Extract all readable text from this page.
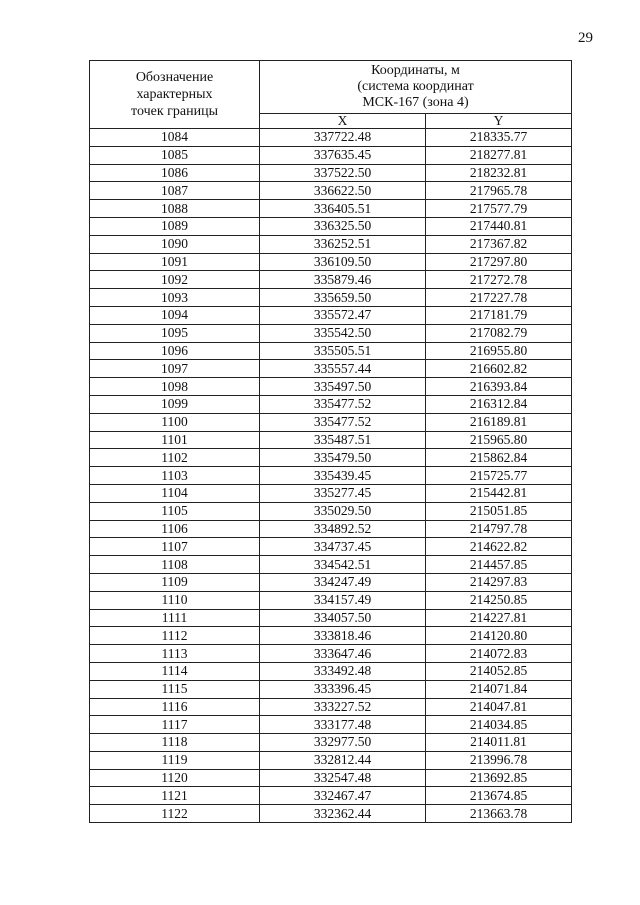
29
Обозначение
характерных
точек границы	Координаты, м
(система координат
МСК-167 (зона 4)	

	X	Y
1084	337722.48	218335.77
1085	337635.45	218277.81
1086	337522.50	218232.81
1087	336622.50	217965.78
1088	336405.51	217577.79
1089	336325.50	217440.81
1090	336252.51	217367.82
1091	336109.50	217297.80
1092	335879.46	217272.78
1093	335659.50	217227.78
1094	335572.47	217181.79
1095	335542.50	217082.79
1096	335505.51	216955.80
1097	335557.44	216602.82
1098	335497.50	216393.84
1099	335477.52	216312.84
1100	335477.52	216189.81
1101	335487.51	215965.80
1102	335479.50	215862.84
1103	335439.45	215725.77
1104	335277.45	215442.81
1105	335029.50	215051.85
1106	334892.52	214797.78
1107	334737.45	214622.82
1108	334542.51	214457.85
1109	334247.49	214297.83
1110	334157.49	214250.85
1111	334057.50	214227.81
1112	333818.46	214120.80
1113	333647.46	214072.83
1114	333492.48	214052.85
1115	333396.45	214071.84
1116	333227.52	214047.81
1117	333177.48	214034.85
1118	332977.50	214011.81
1119	332812.44	213996.78
1120	332547.48	213692.85
1121	332467.47	213674.85
1122	332362.44	213663.78
